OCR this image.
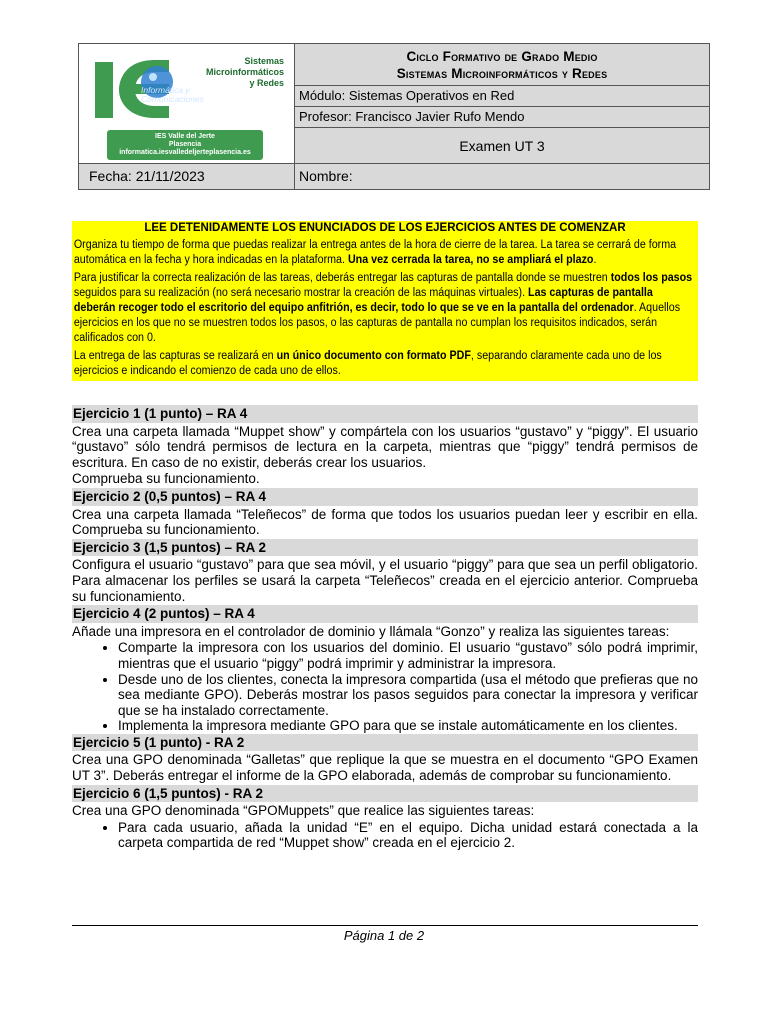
Sistemas
Microinformáticos
y Redes
Informática y
Comunicaciones
IES Valle del Jerte
Plasencia
informatica.iesvalledeljerteplasencia.es
Ciclo Formativo de Grado Medio
Sistemas Microinformáticos y Redes
Módulo: Sistemas Operativos en Red
Profesor: Francisco Javier Rufo Mendo
Examen UT 3
Fecha: 21/11/2023	Nombre:

LEE DETENIDAMENTE LOS ENUNCIADOS DE LOS EJERCICIOS ANTES DE COMENZAR

Organiza tu tiempo de forma que puedas realizar la entrega antes de la hora de cierre de la tarea. La tarea se cerrará de forma automática en la fecha y hora indicadas en la plataforma. Una vez cerrada la tarea, no se ampliará el plazo.

Para justificar la correcta realización de las tareas, deberás entregar las capturas de pantalla donde se muestren todos los pasos seguidos para su realización (no será necesario mostrar la creación de las máquinas virtuales). Las capturas de pantalla deberán recoger todo el escritorio del equipo anfitrión, es decir, todo lo que se ve en la pantalla del ordenador. Aquellos ejercicios en los que no se muestren todos los pasos, o las capturas de pantalla no cumplan los requisitos indicados, serán calificados con 0.

La entrega de las capturas se realizará en un único documento con formato PDF, separando claramente cada uno de los ejercicios e indicando el comienzo de cada uno de ellos.

Ejercicio 1 (1 punto) – RA 4
Crea una carpeta llamada “Muppet show” y compártela con los usuarios “gustavo” y “piggy”. El usuario “gustavo” sólo tendrá permisos de lectura en la carpeta, mientras que “piggy” tendrá permisos de escritura. En caso de no existir, deberás crear los usuarios.
Comprueba su funcionamiento.
Ejercicio 2 (0,5 puntos) – RA 4
Crea una carpeta llamada “Teleñecos” de forma que todos los usuarios puedan leer y escribir en ella. Comprueba su funcionamiento.
Ejercicio 3 (1,5 puntos) – RA 2
Configura el usuario “gustavo” para que sea móvil, y el usuario “piggy” para que sea un perfil obligatorio. Para almacenar los perfiles se usará la carpeta “Teleñecos” creada en el ejercicio anterior. Comprueba su funcionamiento.
Ejercicio 4 (2 puntos) – RA 4
Añade una impresora en el controlador de dominio y llámala “Gonzo” y realiza las siguientes tareas:
• Comparte la impresora con los usuarios del dominio. El usuario “gustavo” sólo podrá imprimir, mientras que el usuario “piggy” podrá imprimir y administrar la impresora.
• Desde uno de los clientes, conecta la impresora compartida (usa el método que prefieras que no sea mediante GPO). Deberás mostrar los pasos seguidos para conectar la impresora y verificar que se ha instalado correctamente.
• Implementa la impresora mediante GPO para que se instale automáticamente en los clientes.
Ejercicio 5 (1 punto) - RA 2
Crea una GPO denominada “Galletas” que replique la que se muestra en el documento “GPO Examen UT 3”. Deberás entregar el informe de la GPO elaborada, además de comprobar su funcionamiento.
Ejercicio 6 (1,5 puntos) - RA 2
Crea una GPO denominada “GPOMuppets” que realice las siguientes tareas:
• Para cada usuario, añada la unidad “E” en el equipo. Dicha unidad estará conectada a la carpeta compartida de red “Muppet show” creada en el ejercicio 2.
Página 1 de 2
